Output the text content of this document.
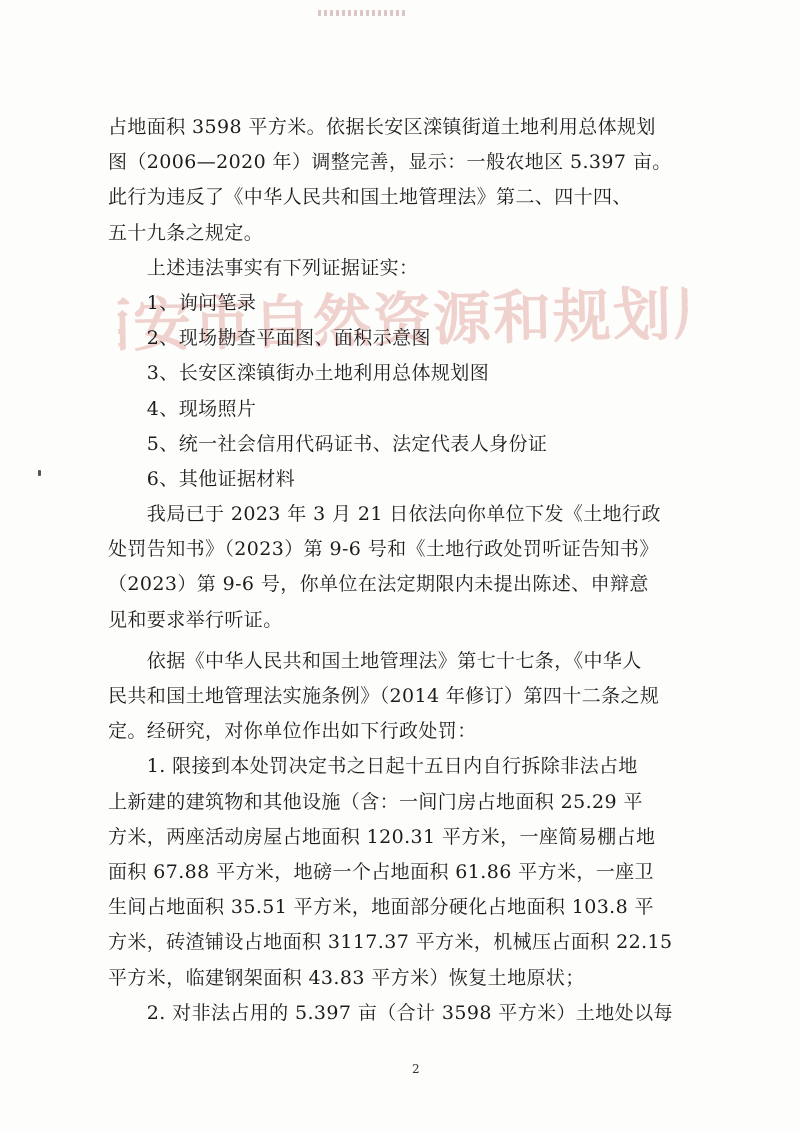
西安市自然资源和规划局
占地面积 3598 平方米。依据长安区滦镇街道土地利用总体规划
图（2006—2020 年）调整完善，显示：一般农地区 5.397 亩。
此行为违反了《中华人民共和国土地管理法》第二、四十四、
五十九条之规定。
　　上述违法事实有下列证据证实：
　　1、询问笔录
　　2、现场勘查平面图、面积示意图
　　3、长安区滦镇街办土地利用总体规划图
　　4、现场照片
　　5、统一社会信用代码证书、法定代表人身份证
　　6、其他证据材料
　　我局已于 2023 年 3 月 21 日依法向你单位下发《土地行政
处罚告知书》（2023）第 9-6 号和《土地行政处罚听证告知书》
（2023）第 9-6 号，你单位在法定期限内未提出陈述、申辩意
见和要求举行听证。
　　依据《中华人民共和国土地管理法》第七十七条，《中华人
民共和国土地管理法实施条例》（2014 年修订）第四十二条之规
定。经研究，对你单位作出如下行政处罚：
　　1. 限接到本处罚决定书之日起十五日内自行拆除非法占地
上新建的建筑物和其他设施（含：一间门房占地面积 25.29 平
方米，两座活动房屋占地面积 120.31 平方米，一座简易棚占地
面积 67.88 平方米，地磅一个占地面积 61.86 平方米，一座卫
生间占地面积 35.51 平方米，地面部分硬化占地面积 103.8 平
方米，砖渣铺设占地面积 3117.37 平方米，机械压占面积 22.15
平方米，临建钢架面积 43.83 平方米）恢复土地原状；
　　2. 对非法占用的 5.397 亩（合计 3598 平方米）土地处以每
2
